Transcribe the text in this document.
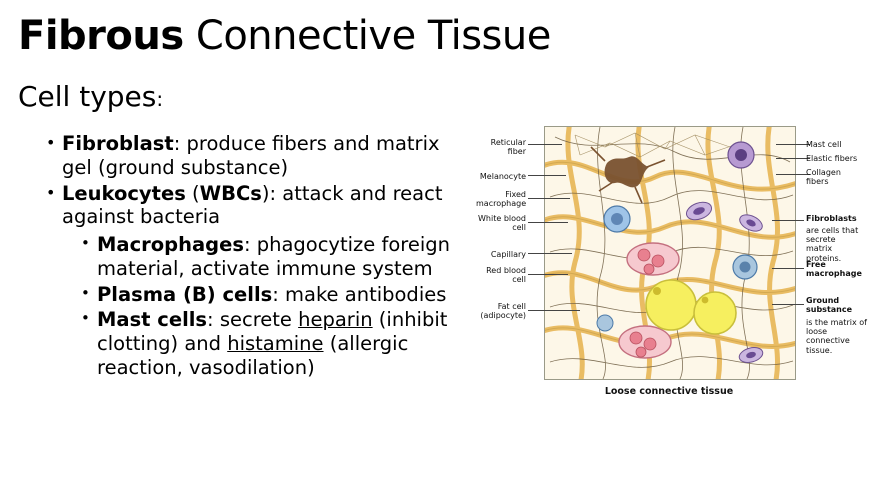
Fibrous Connective Tissue
Cell types:
• Fibroblast: produce fibers and matrix gel (ground substance)
• Leukocytes (WBCs): attack and react against bacteria
• Macrophages: phagocytize foreign material, activate immune system
• Plasma (B) cells: make antibodies
• Mast cells: secrete heparin (inhibit clotting) and histamine (allergic reaction, vasodilation)
Loose connective tissue
Reticular
fiber
Melanocyte
Fixed
macrophage
White blood
cell
Capillary
Red blood
cell
Fat cell
(adipocyte)
Mast cell
Elastic fibers
Collagen
fibers
Fibroblasts
are cells that secrete
matrix proteins.
Free
macrophage
Ground
substance
is the matrix of
loose connective
tissue.
